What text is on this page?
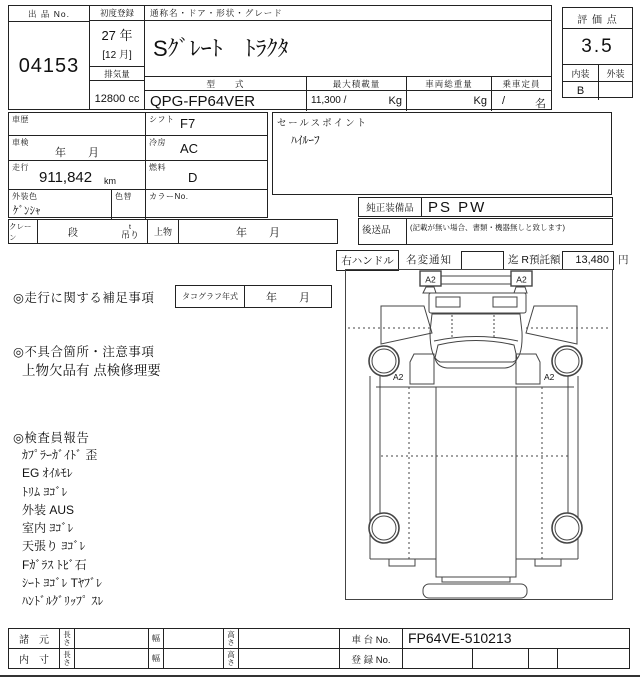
出 品 No.
04153
初度登録
27 年
[12 月]
排気量
12800 cc
通称名・ドア・形状・グレード
Sｸﾞﾚｰﾄ　ﾄﾗｸﾀ
型　　式
QPG-FP64VER
最大積載量
11,300 /	Kg
車両総重量
Kg
乗車定員
/	名
評 価 点
3.5
内装	外装
B
車歴	シフト F7
車検
年　　月
冷房 AC
走行
911,842 km
燃料
D
外装色
ｹﾞﾝｼｬ
色替 カラーNo.
クレーン	段
t
吊り	上物	年　　月
セールスポイント
ﾊｲﾙｰﾌ
純正装備品 PS PW
後送品	(記載が無い場合、書類・機器無しと致します)
右ハンドル	名変通知	迄 R預託額	13,480 円
◎走行に関する補足事項	タコグラフ年式	年　　月
◎不具合箇所・注意事項
上物欠品有 点検修理要
◎検査員報告
ｶﾌﾟﾗｰｶﾞｲﾄﾞ 歪
EG ｵｲﾙﾓﾚ
ﾄﾘﾑ ﾖｺﾞﾚ
外装 AUS
室内 ﾖｺﾞﾚ
天張り ﾖｺﾞﾚ
Fｶﾞﾗｽ ﾄﾋﾞ石
ｼｰﾄ ﾖｺﾞﾚ Tﾔﾌﾞﾚ
ﾊﾝﾄﾞﾙｸﾞﾘｯﾌﾟ ｽﾚ
A2	A2
A2	A2
諸　元
長さ	幅	高さ
内　寸
長さ	幅	高さ
車 台 No.	FP64VE-510213
登 録 No.
